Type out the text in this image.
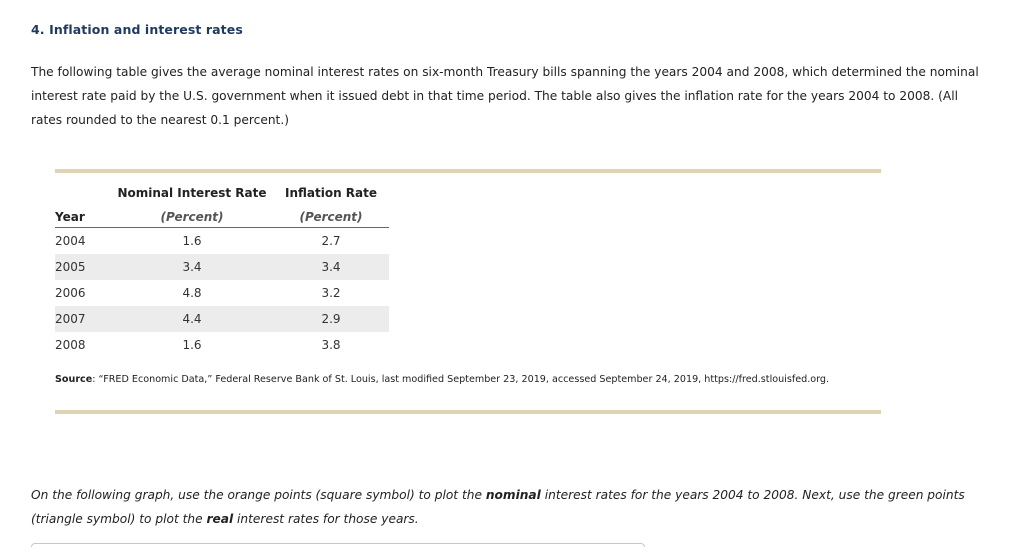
4. Inflation and interest rates
The following table gives the average nominal interest rates on six-month Treasury bills spanning the years 2004 and 2008, which determined the nominal interest rate paid by the U.S. government when it issued debt in that time period. The table also gives the inflation rate for the years 2004 to 2008. (All rates rounded to the nearest 0.1 percent.)
	Nominal Interest Rate	Inflation Rate
Year	(Percent)	(Percent)
2004	1.6	2.7
2005	3.4	3.4
2006	4.8	3.2
2007	4.4	2.9
2008	1.6	3.8
Source: “FRED Economic Data,” Federal Reserve Bank of St. Louis, last modified September 23, 2019, accessed September 24, 2019, https://fred.stlouisfed.org.
On the following graph, use the orange points (square symbol) to plot the nominal interest rates for the years 2004 to 2008. Next, use the green points (triangle symbol) to plot the real interest rates for those years.
